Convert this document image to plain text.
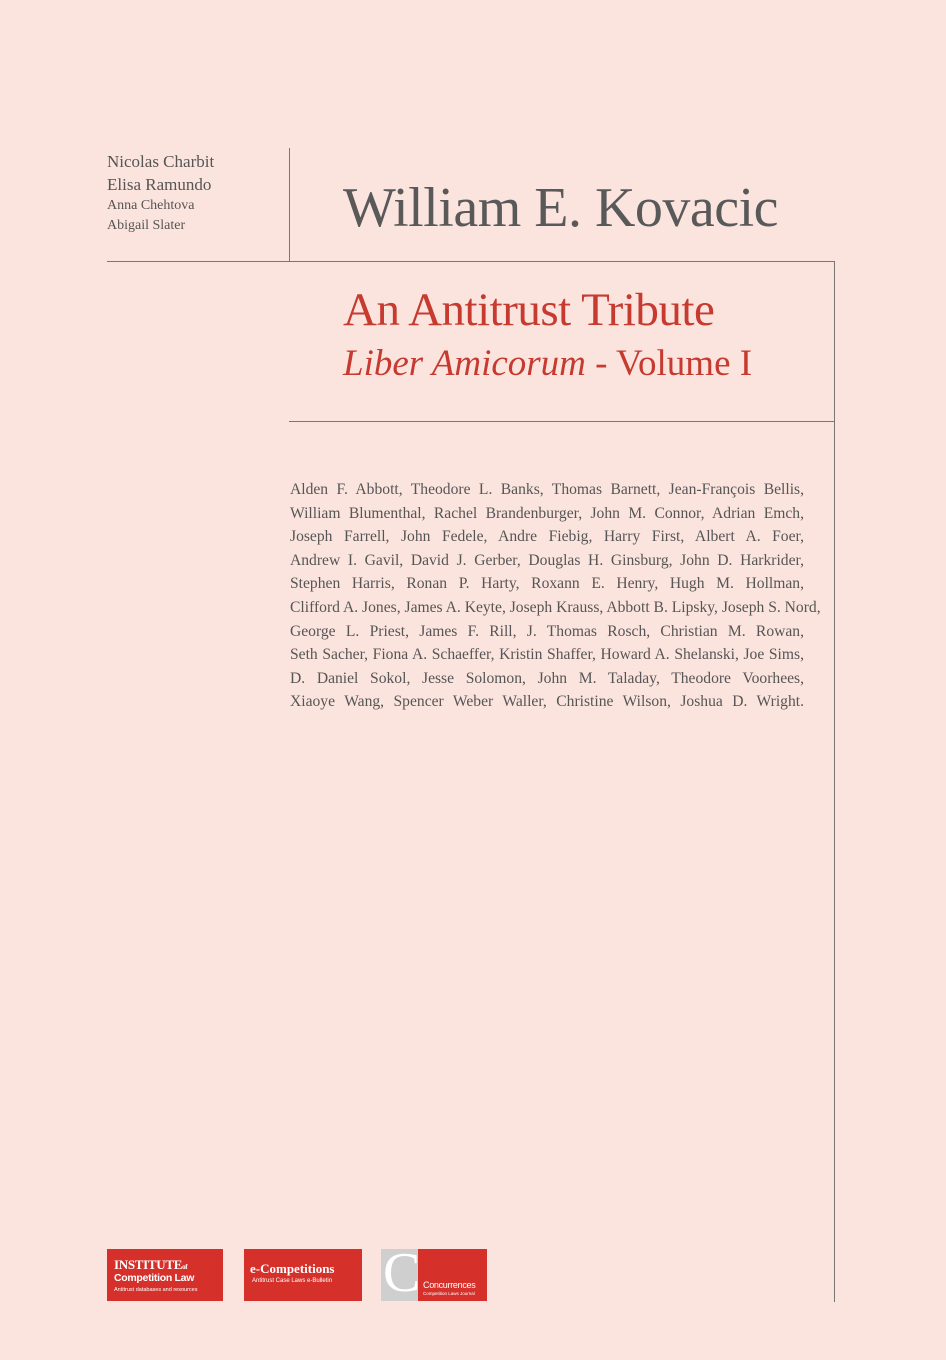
Nicolas Charbit
Elisa Ramundo
Anna Chehtova
Abigail Slater	William E. Kovacic
An Antitrust Tribute
Liber Amicorum - Volume I
Alden F. Abbott, Theodore L. Banks, Thomas Barnett, Jean-François Bellis,
William Blumenthal, Rachel Brandenburger, John M. Connor, Adrian Emch,
Joseph Farrell, John Fedele, Andre Fiebig, Harry First, Albert A. Foer,
Andrew I. Gavil, David J. Gerber, Douglas H. Ginsburg, John D. Harkrider,
Stephen Harris, Ronan P. Harty, Roxann E. Henry, Hugh M. Hollman,
Clifford A. Jones, James A. Keyte, Joseph Krauss, Abbott B. Lipsky, Joseph S. Nord,
George L. Priest, James F. Rill, J. Thomas Rosch, Christian M. Rowan,
Seth Sacher, Fiona A. Schaeffer, Kristin Shaffer, Howard A. Shelanski, Joe Sims,
D. Daniel Sokol, Jesse Solomon, John M. Taladay, Theodore Voorhees,
Xiaoye Wang, Spencer Weber Waller, Christine Wilson, Joshua D. Wright.
INSTITUTEof
Competition Law
Antitrust databases and resources
e-Competitions
Antitrust Case Laws e-Bulletin C Concurrences
Competition Laws Journal
